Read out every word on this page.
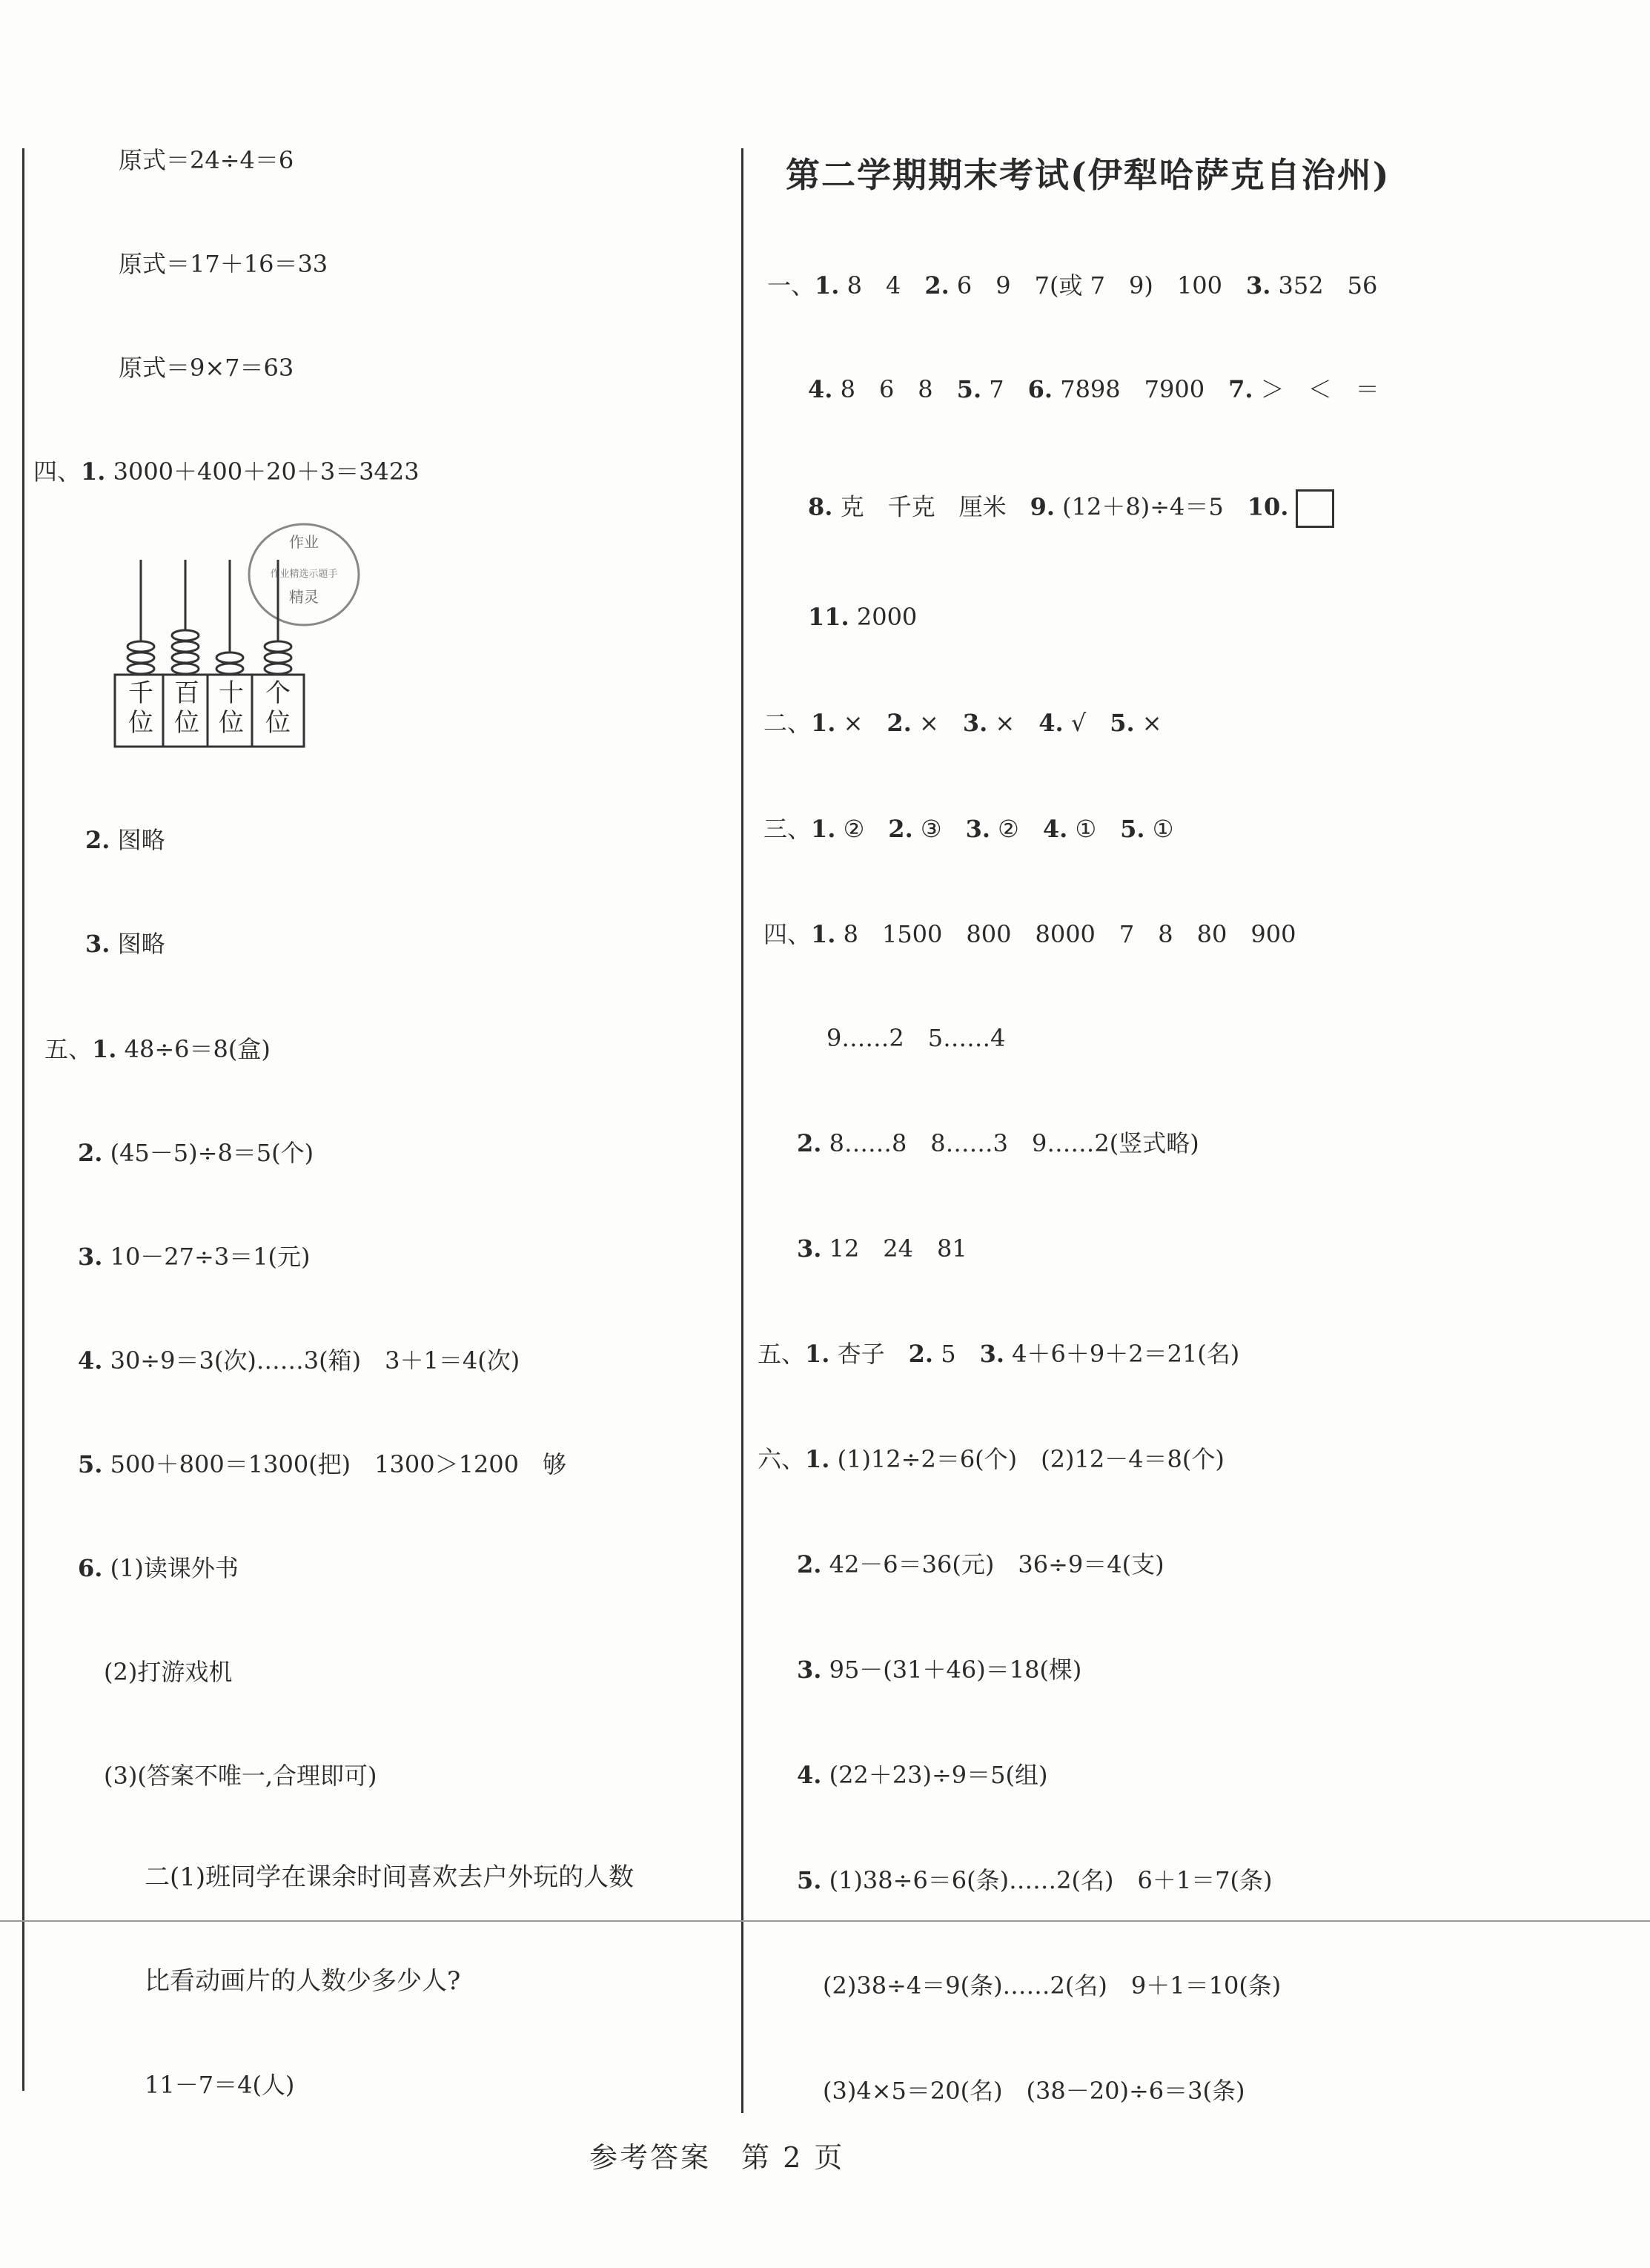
原式＝24÷4＝6
原式＝17＋16＝33
原式＝9×7＝63
四、1. 3000＋400＋20＋3＝3423
作业
作业精选示题手
精灵
千位
百位
十位
个位
2. 图略
3. 图略
五、1. 48÷6＝8(盒)
2. (45－5)÷8＝5(个)
3. 10－27÷3＝1(元)
4. 30÷9＝3(次)……3(箱)　3＋1＝4(次)
5. 500＋800＝1300(把)　1300＞1200　够
6. (1)读课外书
(2)打游戏机
(3)(答案不唯一,合理即可)
二(1)班同学在课余时间喜欢去户外玩的人数
比看动画片的人数少多少人?
11－7＝4(人)
第二学期期末考试(伊犁哈萨克自治州)
一、1. 8　4　2. 6　9　7(或 7　9)　100　3. 352　56
4. 8　6　8　5. 7　6. 7898　7900　7. ＞　＜　＝
8. 克　千克　厘米　9. (12＋8)÷4＝5　10.
11. 2000
二、1. ×　2. ×　3. ×　4. √　5. ×
三、1. ②　2. ③　3. ②　4. ①　5. ①
四、1. 8　1500　800　8000　7　8　80　900
9……2　5……4
2. 8……8　8……3　9……2(竖式略)
3. 12　24　81
五、1. 杏子　2. 5　3. 4＋6＋9＋2＝21(名)
六、1. (1)12÷2＝6(个)　(2)12－4＝8(个)
2. 42－6＝36(元)　36÷9＝4(支)
3. 95－(31＋46)＝18(棵)
4. (22＋23)÷9＝5(组)
5. (1)38÷6＝6(条)……2(名)　6＋1＝7(条)
(2)38÷4＝9(条)……2(名)　9＋1＝10(条)
(3)4×5＝20(名)　(38－20)÷6＝3(条)
参考答案　第 2 页
